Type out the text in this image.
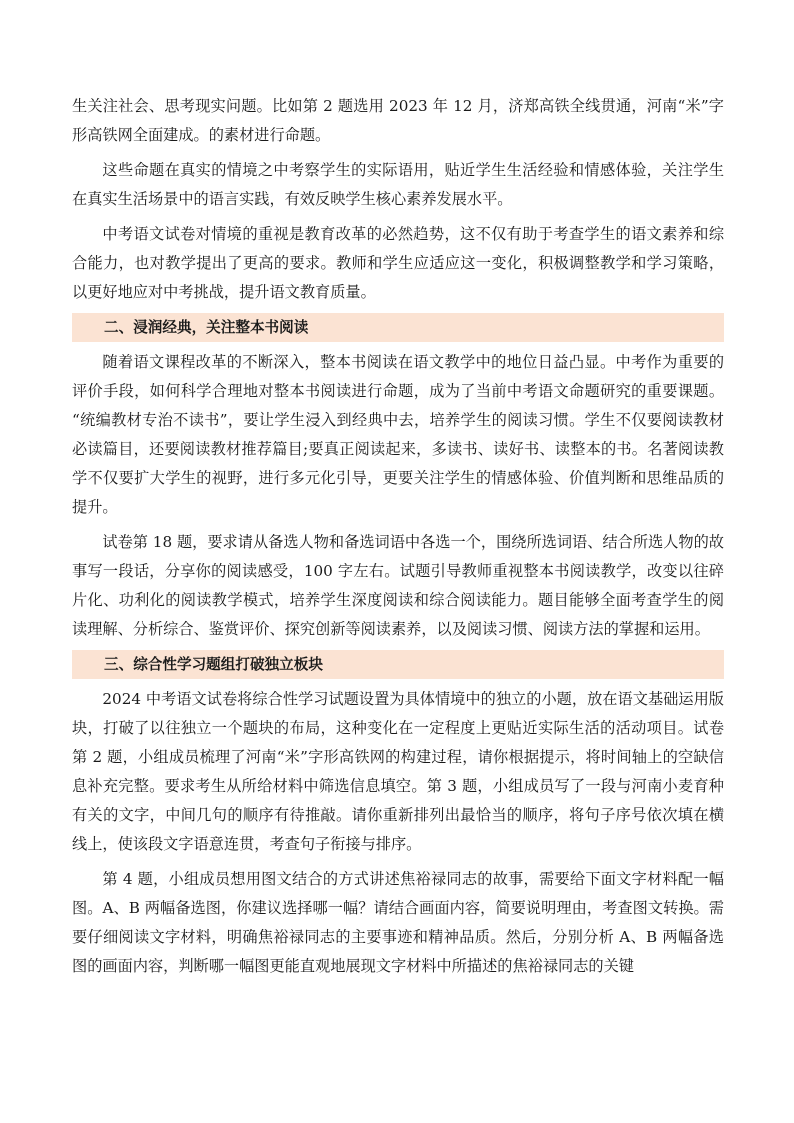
生关注社会、思考现实问题。比如第 2 题选用 2023 年 12 月，济郑高铁全线贯通，河南“米”字形高铁网全面建成。的素材进行命题。

这些命题在真实的情境之中考察学生的实际语用，贴近学生生活经验和情感体验，关注学生在真实生活场景中的语言实践，有效反映学生核心素养发展水平。

中考语文试卷对情境的重视是教育改革的必然趋势，这不仅有助于考查学生的语文素养和综合能力，也对教学提出了更高的要求。教师和学生应适应这一变化，积极调整教学和学习策略，以更好地应对中考挑战，提升语文教育质量。

二、浸润经典，关注整本书阅读

随着语文课程改革的不断深入，整本书阅读在语文教学中的地位日益凸显。中考作为重要的评价手段，如何科学合理地对整本书阅读进行命题，成为了当前中考语文命题研究的重要课题。 “统编教材专治不读书”，要让学生浸入到经典中去，培养学生的阅读习惯。学生不仅要阅读教材必读篇目，还要阅读教材推荐篇目;要真正阅读起来，多读书、读好书、读整本的书。名著阅读教学不仅要扩大学生的视野，进行多元化引导，更要关注学生的情感体验、价值判断和思维品质的提升。

试卷第 18 题，要求请从备选人物和备选词语中各选一个，围绕所选词语、结合所选人物的故事写一段话，分享你的阅读感受，100 字左右。试题引导教师重视整本书阅读教学，改变以往碎片化、功利化的阅读教学模式，培养学生深度阅读和综合阅读能力。题目能够全面考查学生的阅读理解、分析综合、鉴赏评价、探究创新等阅读素养，以及阅读习惯、阅读方法的掌握和运用。

三、综合性学习题组打破独立板块

2024 中考语文试卷将综合性学习试题设置为具体情境中的独立的小题，放在语文基础运用版块，打破了以往独立一个题块的布局，这种变化在一定程度上更贴近实际生活的活动项目。试卷第 2 题，小组成员梳理了河南“米”字形高铁网的构建过程，请你根据提示，将时间轴上的空缺信息补充完整。要求考生从所给材料中筛选信息填空。第 3 题，小组成员写了一段与河南小麦育种有关的文字，中间几句的顺序有待推敲。请你重新排列出最恰当的顺序，将句子序号依次填在横线上，使该段文字语意连贯，考查句子衔接与排序。

第 4 题，小组成员想用图文结合的方式讲述焦裕禄同志的故事，需要给下面文字材料配一幅图。A、B 两幅备选图，你建议选择哪一幅？请结合画面内容，简要说明理由，考查图文转换。需要仔细阅读文字材料，明确焦裕禄同志的主要事迹和精神品质。然后，分别分析 A、B 两幅备选图的画面内容，判断哪一幅图更能直观地展现文字材料中所描述的焦裕禄同志的关键
